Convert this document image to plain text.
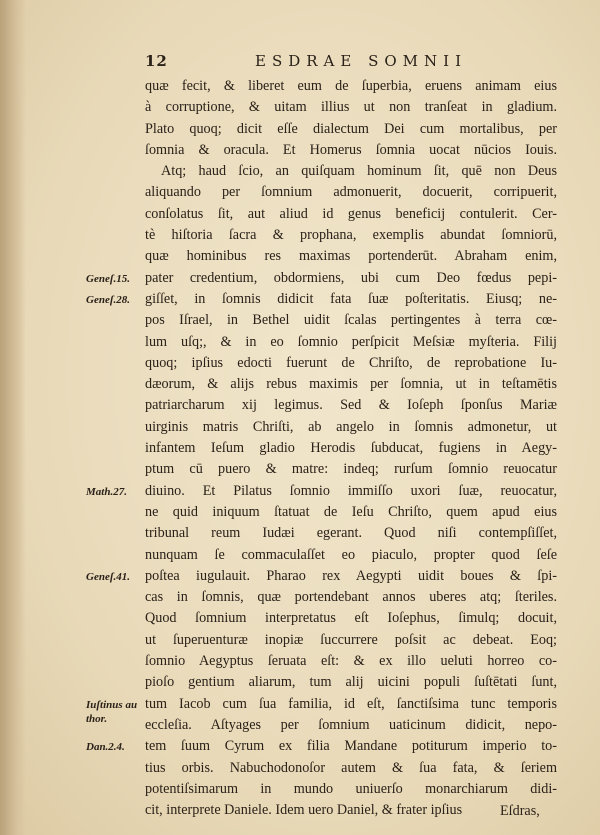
12	ESDRAE SOMNII
quæ fecit, & liberet eum de ſuperbia, eruens animam eius
à corruptione, & uitam illius ut non tranſeat in gladium.
Plato quoq; dicit eſſe dialectum Dei cum mortalibus, per
ſomnia & oracula. Et Homerus ſomnia uocat nūcios Iouis.
Atq; haud ſcio, an quiſquam hominum ſit, quē non Deus
aliquando per ſomnium admonuerit, docuerit, corripuerit,
conſolatus ſit, aut aliud id genus beneficij contulerit. Cer-
tè hiſtoria ſacra & prophana, exemplis abundat ſomniorū,
quæ hominibus res maximas portenderūt. Abraham enim,
pater credentium, obdormiens, ubi cum Deo fœdus pepi-
giſſet, in ſomnis didicit fata ſuæ poſteritatis. Eiusq; ne-
pos Iſrael, in Bethel uidit ſcalas pertingentes à terra cœ-
lum uſq;, & in eo ſomnio perſpicit Meſsiæ myſteria. Filij
quoq; ipſius edocti fuerunt de Chriſto, de reprobatione Iu-
dæorum, & alijs rebus maximis per ſomnia, ut in teſtamētis
patriarcharum xij legimus. Sed & Ioſeph ſponſus Mariæ
uirginis matris Chriſti, ab angelo in ſomnis admonetur, ut
infantem Ieſum gladio Herodis ſubducat, fugiens in Aegy-
ptum cū puero & matre: indeq; rurſum ſomnio reuocatur
diuino. Et Pilatus ſomnio immiſſo uxori ſuæ, reuocatur,
ne quid iniquum ſtatuat de Ieſu Chriſto, quem apud eius
tribunal reum Iudæi egerant. Quod niſi contempſiſſet,
nunquam ſe commaculaſſet eo piaculo, propter quod ſeſe
poſtea iugulauit. Pharao rex Aegypti uidit boues & ſpi-
cas in ſomnis, quæ portendebant annos uberes atq; ſteriles.
Quod ſomnium interpretatus eſt Ioſephus, ſimulq; docuit,
ut ſuperuenturæ inopiæ ſuccurrere poſsit ac debeat. Eoq;
ſomnio Aegyptus ſeruata eſt: & ex illo ueluti horreo co-
pioſo gentium aliarum, tum alij uicini populi ſuſtētati ſunt,
tum Iacob cum ſua familia, id eſt, ſanctiſsima tunc temporis
eccleſia. Aſtyages per ſomnium uaticinum didicit, nepo-
tem ſuum Cyrum ex filia Mandane potiturum imperio to-
tius orbis. Nabuchodonoſor autem & ſua fata, & ſeriem
potentiſsimarum in mundo uniuerſo monarchiarum didi-
cit, interprete Daniele. Idem uero Daniel, & frater ipſius
Geneſ.15.
Geneſ.28.
Math.27.
Geneſ.41.
Iuſtinus au
thor.
Dan.2.4.
Eſdras,
